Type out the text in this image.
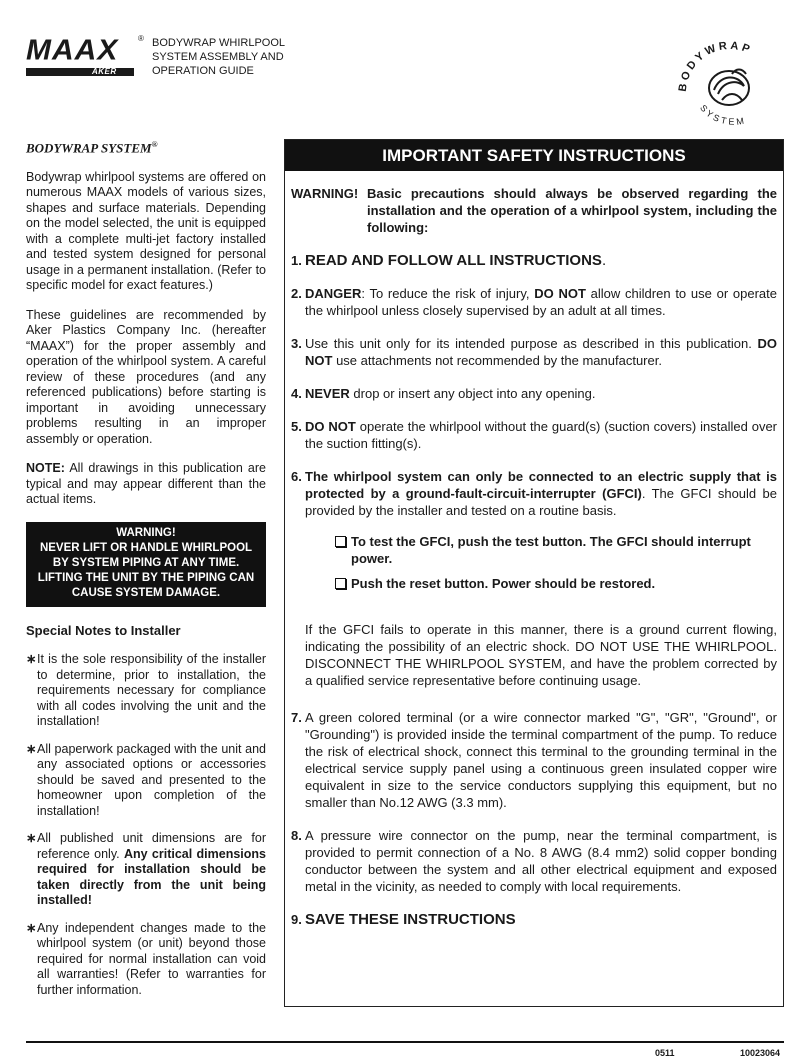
MAAX ®
AKER
BODYWRAP WHIRLPOOL
SYSTEM ASSEMBLY AND
OPERATION GUIDE
BODYWRAP
SYSTEM

BODYWRAP SYSTEM®

Bodywrap whirlpool systems are offered on numerous MAAX models of various sizes, shapes and surface materials. Depending on the model selected, the unit is equipped with a complete multi-jet factory installed and tested system designed for personal usage in a permanent installation. (Refer to specific model for exact features.)

These guidelines are recommended by Aker Plastics Company Inc. (hereafter “MAAX”) for the proper assembly and operation of the whirlpool system. A careful review of these procedures (and any referenced publications) before starting is important in avoiding unnecessary problems resulting in an improper assembly or operation.

NOTE: All drawings in this publication are typical and may appear different than the actual items.

WARNING!
NEVER LIFT OR HANDLE WHIRLPOOL
BY SYSTEM PIPING AT ANY TIME.
LIFTING THE UNIT BY THE PIPING CAN
CAUSE SYSTEM DAMAGE.

Special Notes to Installer

∗ It is the sole responsibility of the installer to determine, prior to installation, the requirements necessary for compliance with all codes involving the unit and the installation!
∗ All paperwork packaged with the unit and any associated options or accessories should be saved and presented to the homeowner upon completion of the installation!
∗ All published unit dimensions are for reference only. Any critical dimensions required for installation should be taken directly from the unit being installed!
∗ Any independent changes made to the whirlpool system (or unit) beyond those required for normal installation can void all warranties! (Refer to warranties for further information.
IMPORTANT SAFETY INSTRUCTIONS
WARNING! Basic precautions should always be observed regarding the installation and the operation of a whirlpool system, including the following:
1. READ AND FOLLOW ALL INSTRUCTIONS.
2. DANGER: To reduce the risk of injury, DO NOT allow children to use or operate the whirlpool unless closely supervised by an adult at all times.
3. Use this unit only for its intended purpose as described in this publication. DO NOT use attachments not recommended by the manufacturer.
4. NEVER drop or insert any object into any opening.
5. DO NOT operate the whirlpool without the guard(s) (suction covers) installed over the suction fitting(s).
6. The whirlpool system can only be connected to an electric supply that is protected by a ground-fault-circuit-interrupter (GFCI). The GFCI should be provided by the installer and tested on a routine basis.
To test the GFCI, push the test button. The GFCI should interrupt power.
Push the reset button. Power should be restored.
If the GFCI fails to operate in this manner, there is a ground current flowing, indicating the possibility of an electric shock. DO NOT USE THE WHIRLPOOL. DISCONNECT THE WHIRLPOOL SYSTEM, and have the problem corrected by a qualified service representative before continuing usage.
7. A green colored terminal (or a wire connector marked "G", "GR", "Ground", or "Grounding") is provided inside the terminal compartment of the pump. To reduce the risk of electrical shock, connect this terminal to the grounding terminal in the electrical service supply panel using a continuous green insulated copper wire equivalent in size to the service conductors supplying this equipment, but no smaller than No.12 AWG (3.3 mm).
8. A pressure wire connector on the pump, near the terminal compartment, is provided to permit connection of a No. 8 AWG (8.4 mm2) solid copper bonding conductor between the system and all other electrical equipment and exposed metal in the vicinity, as needed to comply with local requirements.
9. SAVE THESE INSTRUCTIONS
0511	10023064
